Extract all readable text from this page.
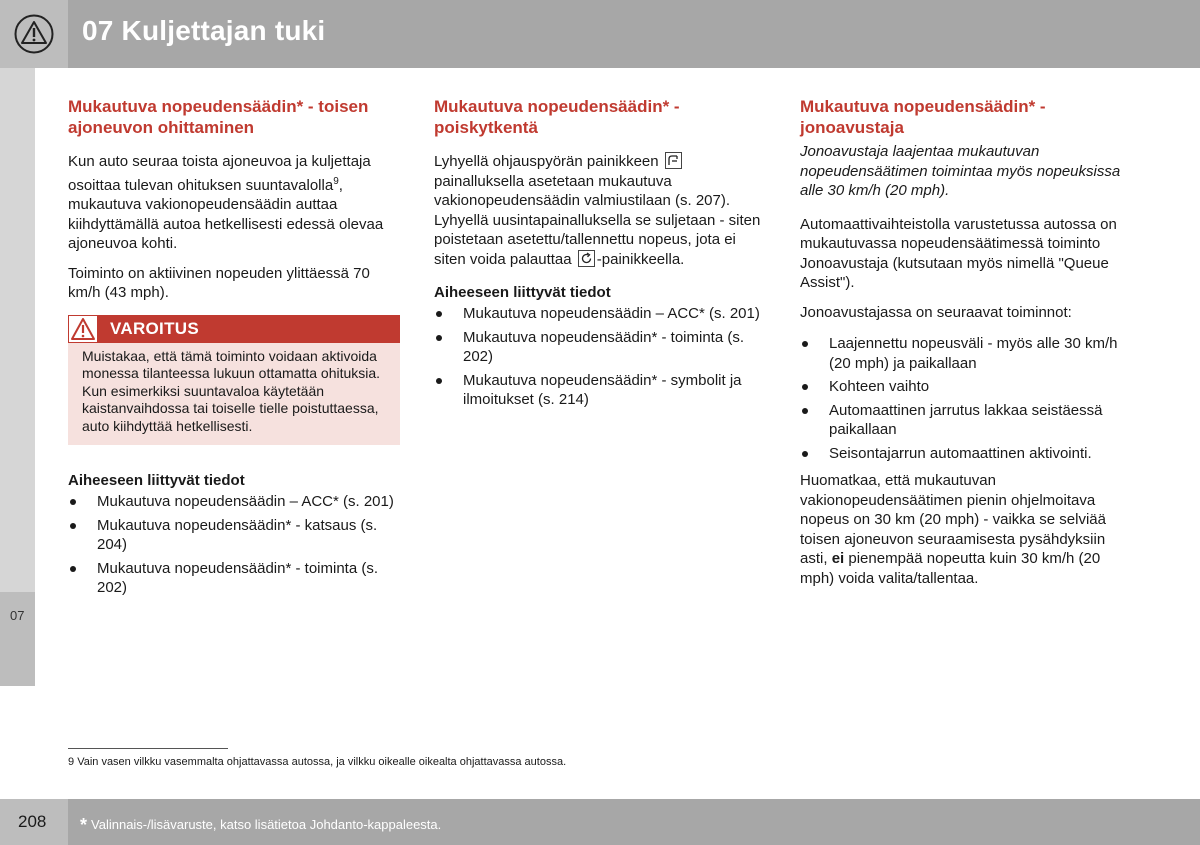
07 Kuljettajan tuki
07
Mukautuva nopeudensäädin* - toisen ajoneuvon ohittaminen

Kun auto seuraa toista ajoneuvoa ja kuljettaja osoittaa tulevan ohituksen suuntavalolla$^9$, mukautuva vakionopeudensäädin auttaa kiihdyttämällä autoa hetkellisesti edessä olevaa ajoneuvoa kohti.

Toiminto on aktiivinen nopeuden ylittäessä 70 km/h (43 mph).

VAROITUS
Muistakaa, että tämä toiminto voidaan aktivoida monessa tilanteessa lukuun ottamatta ohituksia. Kun esimerkiksi suuntavaloa käytetään kaistanvaihdossa tai toiselle tielle poistuttaessa, auto kiihdyttää hetkellisesti.
Aiheeseen liittyvät tiedot
Mukautuva nopeudensäädin – ACC* (s. 201)
Mukautuva nopeudensäädin* - katsaus (s. 204)
Mukautuva nopeudensäädin* - toiminta (s. 202)
Mukautuva nopeudensäädin* - poiskytkentä

Lyhyellä ohjauspyörän painikkeen
painalluksella asetetaan mukautuva vakionopeudensäädin valmiustilaan (s. 207). Lyhyellä uusintapainalluksella se suljetaan - siten poistetaan asetettu/tallennettu nopeus, jota ei siten voida palauttaa -painikkeella.

Aiheeseen liittyvät tiedot
Mukautuva nopeudensäädin – ACC* (s. 201)
Mukautuva nopeudensäädin* - toiminta (s. 202)
Mukautuva nopeudensäädin* - symbolit ja ilmoitukset (s. 214)
Mukautuva nopeudensäädin* - jonoavustaja

Jonoavustaja laajentaa mukautuvan nopeudensäätimen toimintaa myös nopeuksissa alle 30 km/h (20 mph).

Automaattivaihteistolla varustetussa autossa on mukautuvassa nopeudensäätimessä toiminto Jonoavustaja (kutsutaan myös nimellä "Queue Assist").

Jonoavustajassa on seuraavat toiminnot:

Laajennettu nopeusväli - myös alle 30 km/h (20 mph) ja paikallaan
Kohteen vaihto
Automaattinen jarrutus lakkaa seistäessä paikallaan
Seisontajarrun automaattinen aktivointi.

Huomatkaa, että mukautuvan vakionopeudensäätimen pienin ohjelmoitava nopeus on 30 km (20 mph) - vaikka se selviää toisen ajoneuvon seuraamisesta pysähdyksiin asti, ei pienempää nopeutta kuin 30 km/h (20 mph) voida valita/tallentaa.

9 Vain vasen vilkku vasemmalta ohjattavassa autossa, ja vilkku oikealle oikealta ohjattavassa autossa.
208 * Valinnais-/lisävaruste, katso lisätietoa Johdanto-kappaleesta.
